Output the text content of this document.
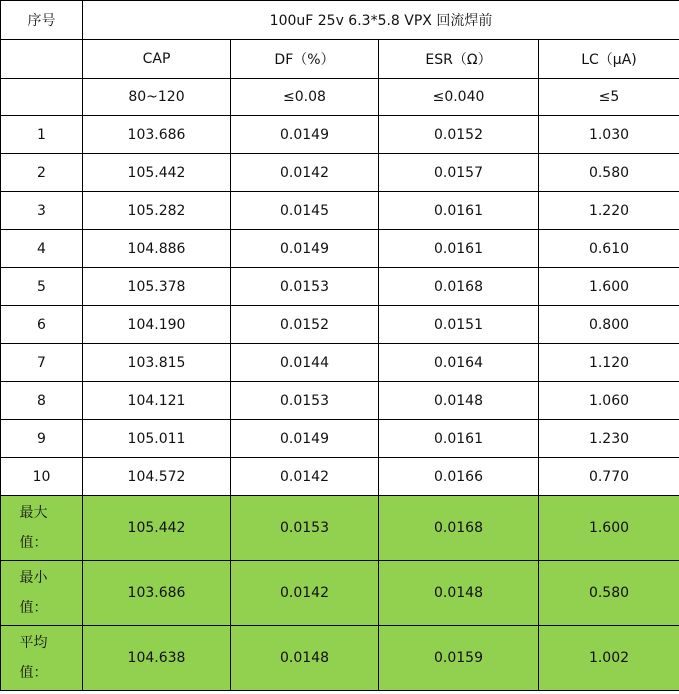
序号	100uF 25v 6.3*5.8 VPX 回流焊前			
	CAP	DF（%）	ESR（Ω）	LC（μA)
	80~120	≤0.08	≤0.040	≤5
1	103.686	0.0149	0.0152	1.030
2	105.442	0.0142	0.0157	0.580
3	105.282	0.0145	0.0161	1.220
4	104.886	0.0149	0.0161	0.610
5	105.378	0.0153	0.0168	1.600
6	104.190	0.0152	0.0151	0.800
7	103.815	0.0144	0.0164	1.120
8	104.121	0.0153	0.0148	1.060
9	105.011	0.0149	0.0161	1.230
10	104.572	0.0142	0.0166	0.770
最大值：	105.442	0.0153	0.0168	1.600
最小值：	103.686	0.0142	0.0148	0.580
平均值：	104.638	0.0148	0.0159	1.002
